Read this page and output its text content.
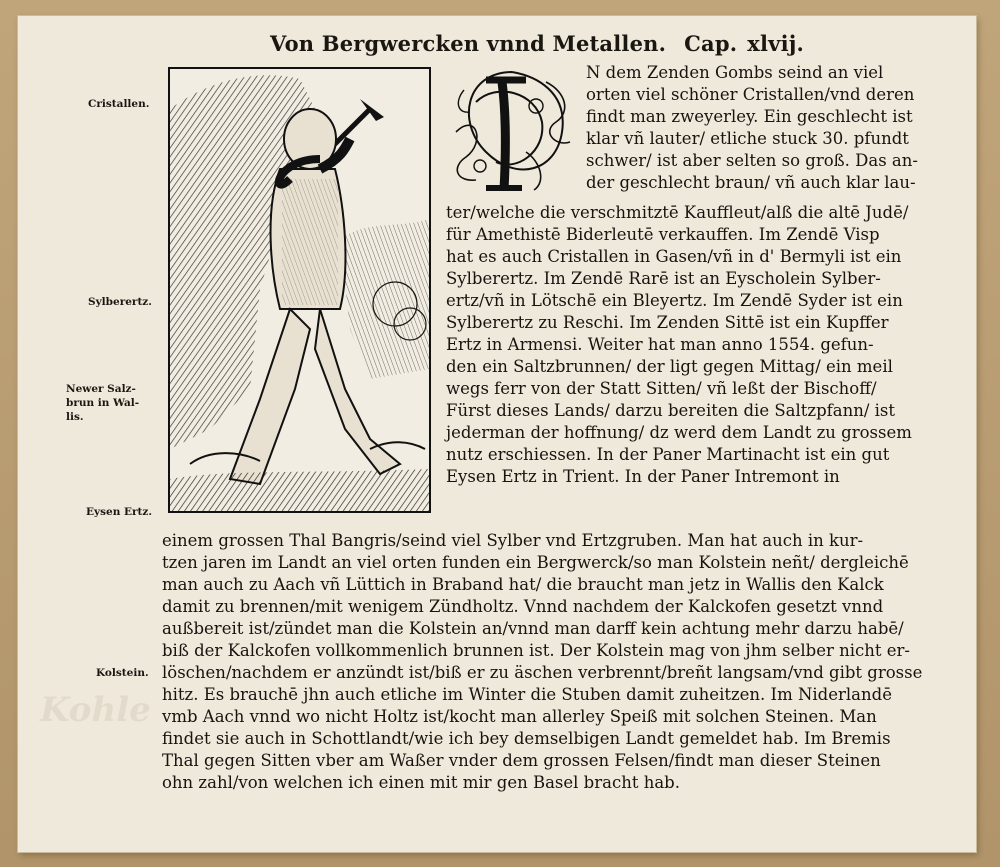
Kohle
Von Bergwercken vnnd Metallen. Cap. xlvij.
Cristallen.
Sylberertz.
Newer Salz-
brun in Wal-
lis.
Eysen Ertz.
Kolstein.
N dem Zenden Gombs seind an viel
orten viel schöner Cristallen/vnd deren
findt man zweyerley. Ein geschlecht ist
klar vñ lauter/ etliche stuck 30. pfundt
schwer/ ist aber selten so groß. Das an-
der geschlecht braun/ vñ auch klar lau-
ter/welche die verschmitztē Kauffleut/alß die altē Judē/
für Amethistē Biderleutē verkauffen. Im Zendē Visp
hat es auch Cristallen in Gasen/vñ in d' Bermyli ist ein
Sylberertz. Im Zendē Rarē ist an Eyscholein Sylber-
ertz/vñ in Lötschē ein Bleyertz. Im Zendē Syder ist ein
Sylberertz zu Reschi. Im Zenden Sittē ist ein Kupffer
Ertz in Armensi. Weiter hat man anno 1554. gefun-
den ein Saltzbrunnen/ der ligt gegen Mittag/ ein meil
wegs ferr von der Statt Sitten/ vñ leßt der Bischoff/
Fürst dieses Lands/ darzu bereiten die Saltzpfann/ ist
jederman der hoffnung/ dz werd dem Landt zu grossem
nutz erschiessen. In der Paner Martinacht ist ein gut
Eysen Ertz in Trient. In der Paner Intremont in
einem grossen Thal Bangris/seind viel Sylber vnd Ertzgruben. Man hat auch in kur-
tzen jaren im Landt an viel orten funden ein Bergwerck/so man Kolstein neñt/ dergleichē
man auch zu Aach vñ Lüttich in Braband hat/ die braucht man jetz in Wallis den Kalck
damit zu brennen/mit wenigem Zündholtz. Vnnd nachdem der Kalckofen gesetzt vnnd
außbereit ist/zündet man die Kolstein an/vnnd man darff kein achtung mehr darzu habē/
biß der Kalckofen vollkommenlich brunnen ist. Der Kolstein mag von jhm selber nicht er-
löschen/nachdem er anzündt ist/biß er zu äschen verbrennt/breñt langsam/vnd gibt grosse
hitz. Es brauchē jhn auch etliche im Winter die Stuben damit zuheitzen. Im Niderlandē
vmb Aach vnnd wo nicht Holtz ist/kocht man allerley Speiß mit solchen Steinen. Man
findet sie auch in Schottlandt/wie ich bey demselbigen Landt gemeldet hab. Im Bremis
Thal gegen Sitten vber am Waßer vnder dem grossen Felsen/findt man dieser Steinen
ohn zahl/von welchen ich einen mit mir gen Basel bracht hab.
